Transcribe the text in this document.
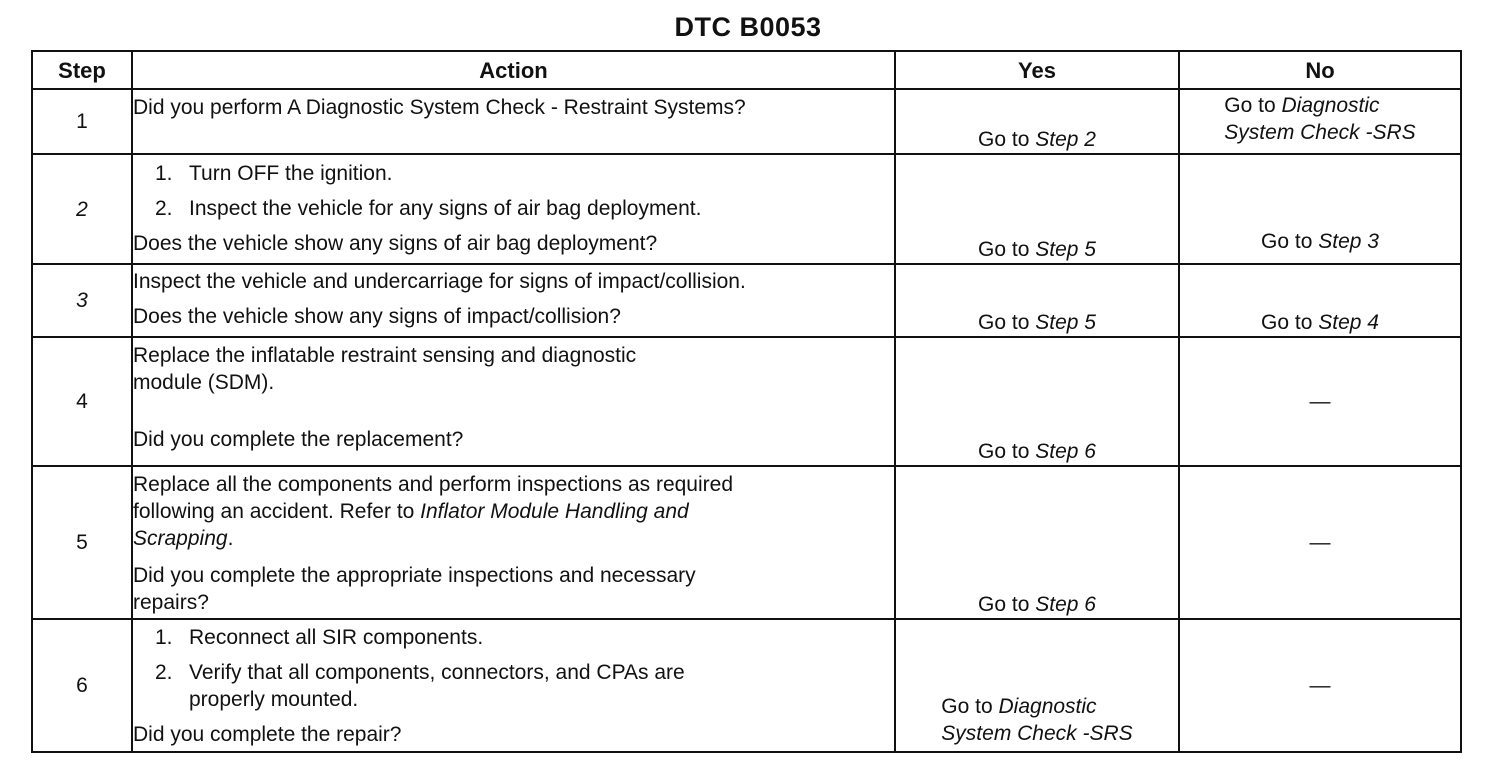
DTC B0053
Step	Action	Yes	No
1	Did you perform A Diagnostic System Check - Restraint Systems?	Go to Step 2	Go to Diagnostic
System Check -SRS

2	1. Turn OFF the ignition.
2. Inspect the vehicle for any signs of air bag deployment.
Does the vehicle show any signs of air bag deployment?	Go to Step 5	Go to Step 3
3	Inspect the vehicle and undercarriage for signs of impact/collision.
Does the vehicle show any signs of impact/collision?	Go to Step 5	Go to Step 4
4	Replace the inflatable restraint sensing and diagnostic
module (SDM).
Did you complete the replacement?	Go to Step 6	—
5	Replace all the components and perform inspections as required
following an accident. Refer to Inflator Module Handling and
Scrapping.
Did you complete the appropriate inspections and necessary
repairs?	Go to Step 6	—
6	1. Reconnect all SIR components.
2. Verify that all components, connectors, and CPAs are
properly mounted.
Did you complete the repair?	Go to Diagnostic
System Check -SRS	—
